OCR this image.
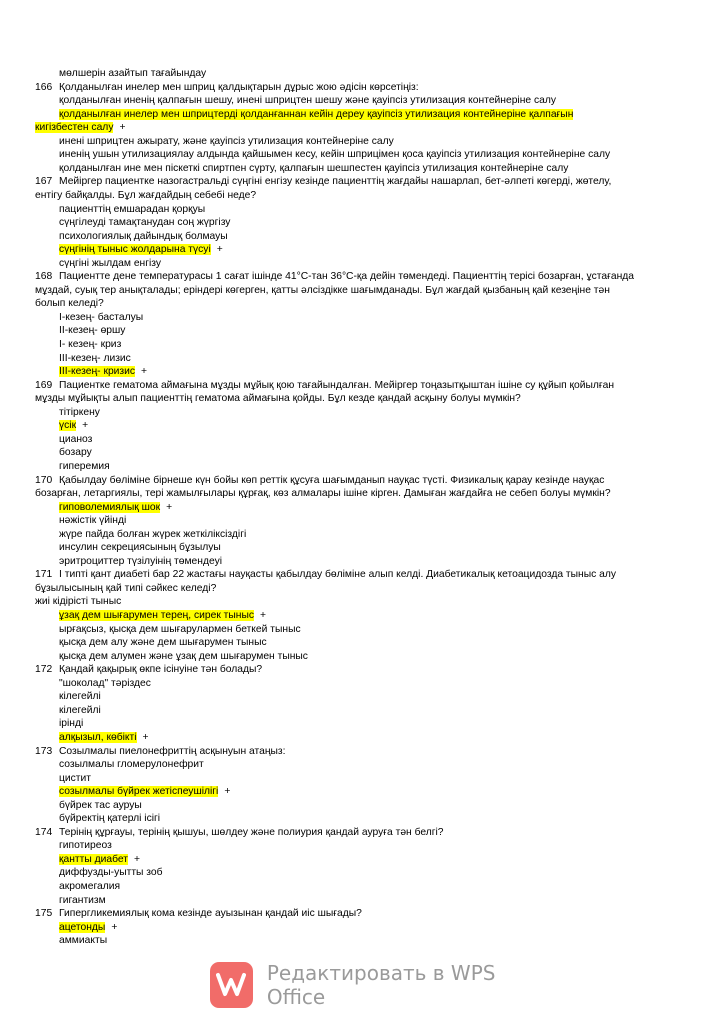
мөлшерін азайтып тағайындау
166 Қолданылған инелер мен шприц қалдықтарын дұрыс жою әдісін көрсетіңіз:
қолданылған иненің қалпағын шешу, инені шприцтен шешу және қауіпсіз утилизация контейнеріне салу
қолданылған инелер мен шприцтерді қолданғаннан кейін дереу қауіпсіз утилизация контейнеріне қалпағын
кигізбестен салу +
инені шприцтен ажырату, және қауіпсіз утилизация контейнеріне салу
иненің ушын утилизациялау алдында қайшымен кесу, кейін шприцімен қоса қауіпсіз утилизация контейнеріне салу
қолданылған ине мен піскеткі спиртпен сүрту, қалпағын шешпестен қауіпсіз утилизация контейнеріне салу
167 Мейіргер пациентке назогастральді сүңгіні енгізу кезінде пациенттің жағдайы нашарлап, бет-әлпеті көгерді, жөтелу,
ентігу байқалды. Бұл жағдайдың себебі неде?
пациенттің емшарадан қорқуы
сүңгілеуді тамақтанудан соң жүргізу
психологиялық дайындық болмауы
сүңгінің тыныс жолдарына түсуі +
сүңгіні жылдам енгізу
168 Пациентте дене температурасы 1 сағат ішінде 41°С-тан 36°С-қа дейін төмендеді. Пациенттің терісі бозарған, ұстағанда
мұздай, суық тер анықталады; еріндері көгерген, қатты әлсіздікке шағымданады. Бұл жағдай қызбаның қай кезеңіне тән
болып келеді?
І-кезең- басталуы
ІІ-кезең- өршу
І- кезең- криз
ІІІ-кезең- лизис
ІІІ-кезең- кризис +
169 Пациентке гематома аймағына мұзды мұйық қою тағайындалған. Мейіргер тоңазытқыштан ішіне су құйып қойылған
мұзды мұйықты алып пациенттің гематома аймағына қойды. Бұл кезде қандай асқыну болуы мүмкін?
тітіркену
үсік +
цианоз
бозару
гиперемия
170 Қабылдау бөліміне бірнеше күн бойы көп реттік құсуға шағымданып науқас түсті. Физикалық қарау кезінде науқас
бозарған, летаргиялы, тері жамылғылары құрғақ, көз алмалары ішіне кірген. Дамыған жағдайға не себеп болуы мүмкін?
гиповолемиялық шок +
нәжістік үйінді
жүре пайда болған жүрек жеткіліксіздігі
инсулин секрециясының бұзылуы
эритроциттер түзілуінің төмендеуі
171 І типті қант диабеті бар 22 жастағы науқасты қабылдау бөліміне алып келді. Диабетикалық кетоацидозда тыныс алу
бұзылысының қай типі сәйкес келеді?
жиі кідірісті тыныс
ұзақ дем шығарумен терең, сирек тыныс +
ырғақсыз, қысқа дем шығарулармен беткей тыныс
қысқа дем алу және дем шығарумен тыныс
қысқа дем алумен және ұзақ дем шығарумен тыныс
172 Қандай қақырық өкпе ісінуіне тән болады?
"шоколад" тәріздес
кілегейлі
кілегейлі
ірінді
алқызыл, көбікті +
173 Созылмалы пиелонефриттің асқынуын атаңыз:
созылмалы гломерулонефрит
цистит
созылмалы бүйрек жетіспеушілігі +
бүйрек тас ауруы
бүйректің қатерлі ісігі
174 Терінің құрғауы, терінің қышуы, шөлдеу және полиурия қандай ауруға тән белгі?
гипотиреоз
қантты диабет +
диффузды-уытты зоб
акромегалия
гигантизм
175 Гипергликемиялық кома кезінде ауызынан қандай иіс шығады?
ацетонды +
аммиакты
Редактировать в WPS Office
